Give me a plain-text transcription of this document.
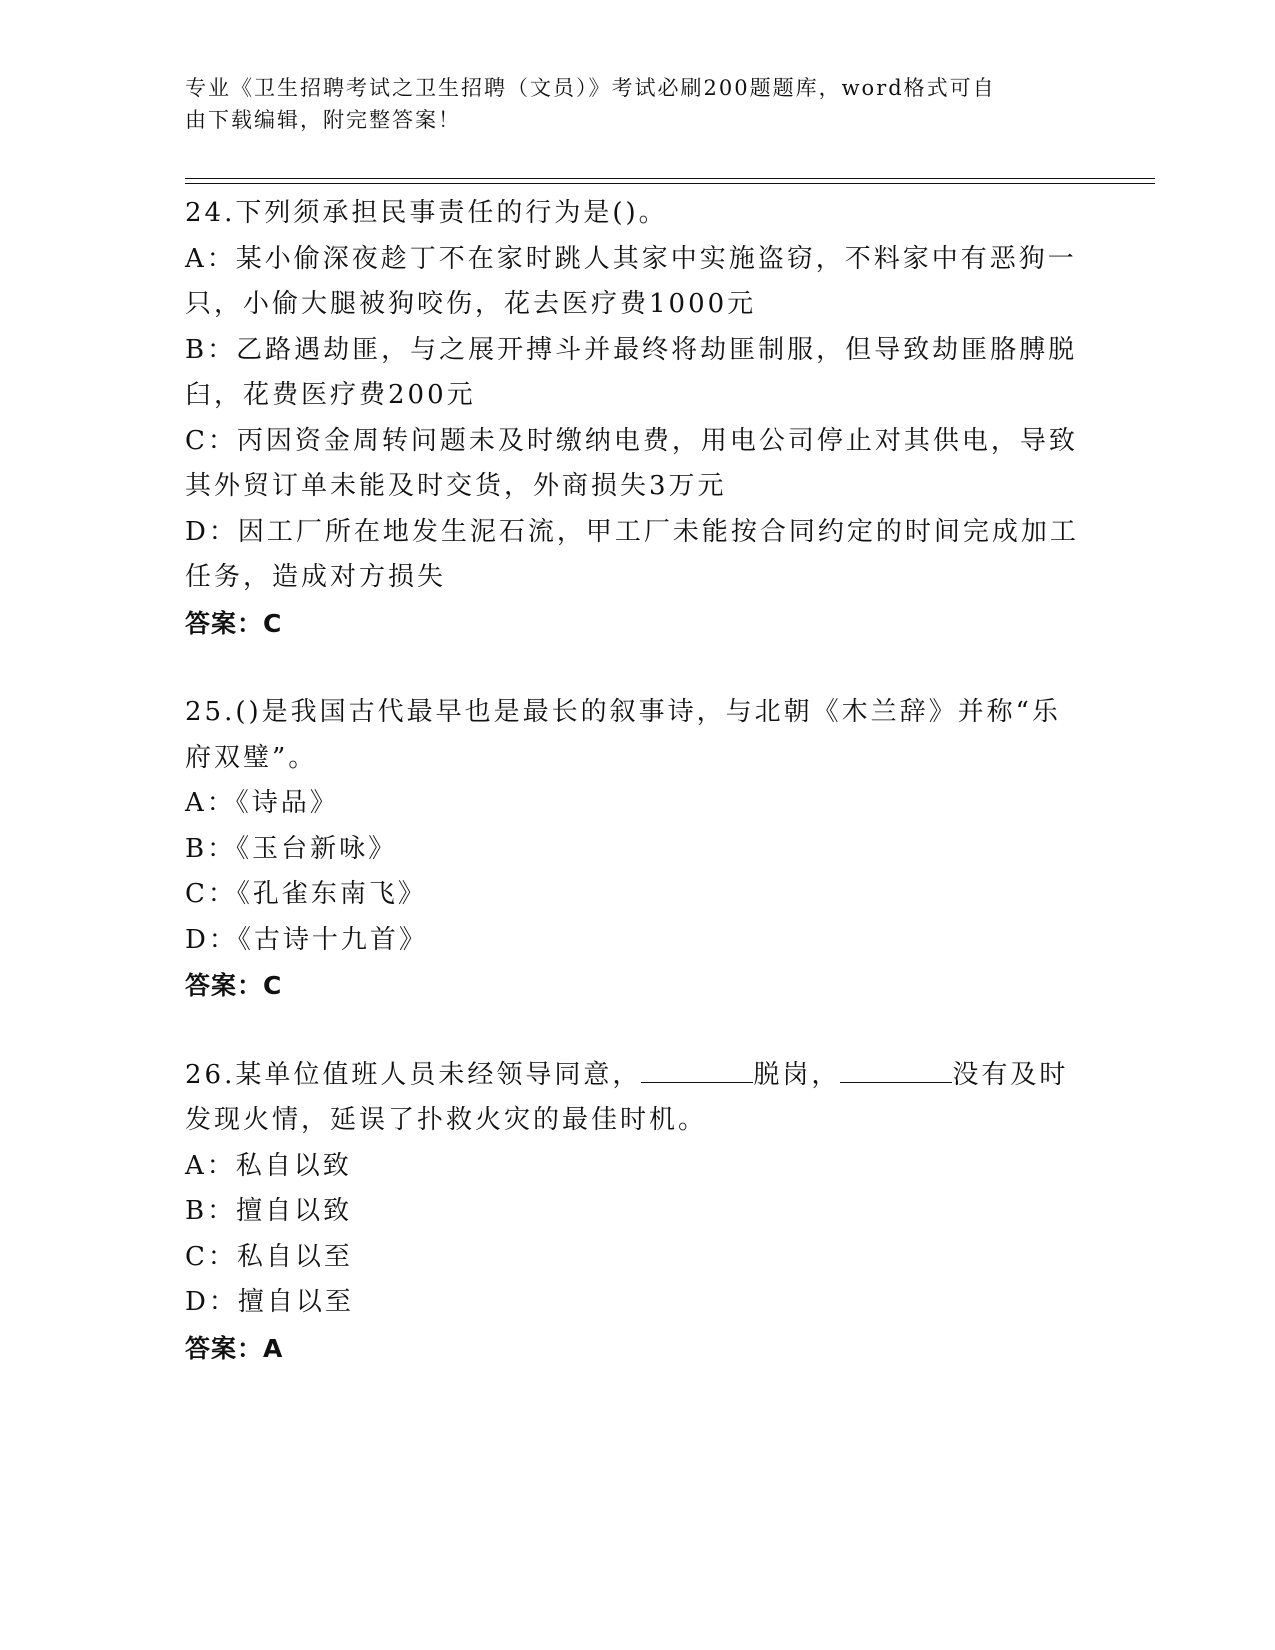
专业《卫生招聘考试之卫生招聘（文员）》考试必刷200题题库，word格式可自
由下载编辑，附完整答案！
24.下列须承担民事责任的行为是()。
A：某小偷深夜趁丁不在家时跳人其家中实施盗窃，不料家中有恶狗一
只，小偷大腿被狗咬伤，花去医疗费1000元
B：乙路遇劫匪，与之展开搏斗并最终将劫匪制服，但导致劫匪胳膊脱
臼，花费医疗费200元
C：丙因资金周转问题未及时缴纳电费，用电公司停止对其供电，导致
其外贸订单未能及时交货，外商损失3万元
D：因工厂所在地发生泥石流，甲工厂未能按合同约定的时间完成加工
任务，造成对方损失
答案：C
25.()是我国古代最早也是最长的叙事诗，与北朝《木兰辞》并称“乐
府双璧”。
A：《诗品》
B：《玉台新咏》
C：《孔雀东南飞》
D：《古诗十九首》
答案：C
26.某单位值班人员未经领导同意，	脱岗，	没有及时
发现火情，延误了扑救火灾的最佳时机。
A：私自以致
B：擅自以致
C：私自以至
D：擅自以至
答案：A
